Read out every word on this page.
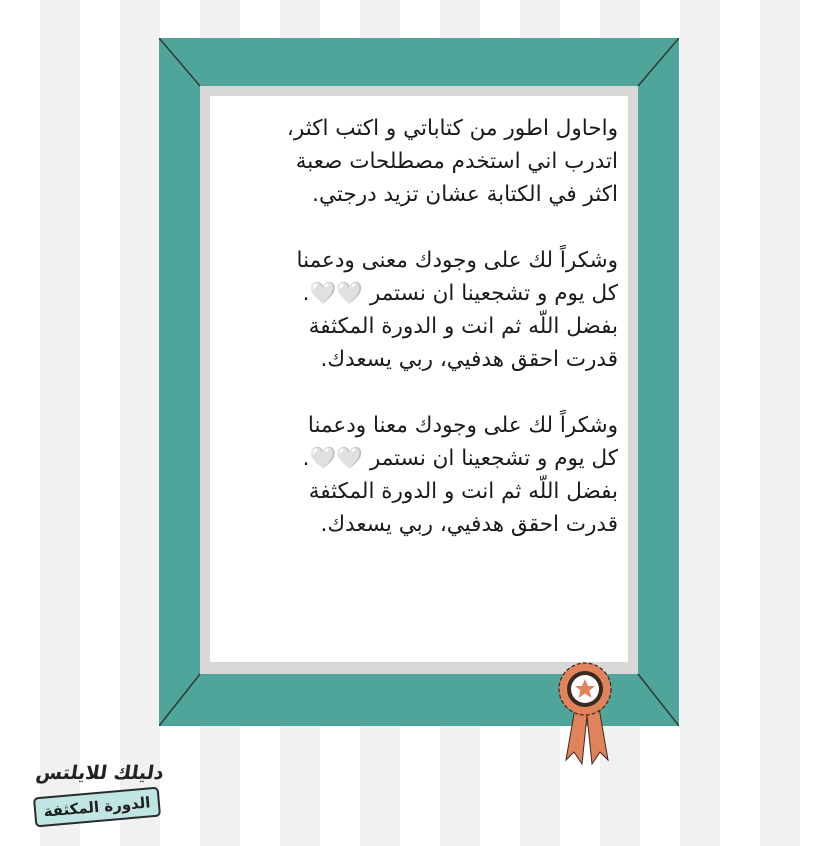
واحاول اطور من كتاباتي و اكتب اكثر،
اتدرب اني استخدم مصطلحات صعبة
اكثر في الكتابة عشان تزيد درجتي.

وشكراً لك على وجودك معنى ودعمنا
كل يوم و تشجعينا ان نستمر 🤍🤍.
بفضل اللّه ثم انت و الدورة المكثفة
قدرت احقق هدفيي، ربي يسعدك.

وشكراً لك على وجودك معنا ودعمنا
كل يوم و تشجعينا ان نستمر 🤍🤍.
بفضل اللّه ثم انت و الدورة المكثفة
قدرت احقق هدفيي، ربي يسعدك.

دليلك للايلتس
الدورة المكثفة
